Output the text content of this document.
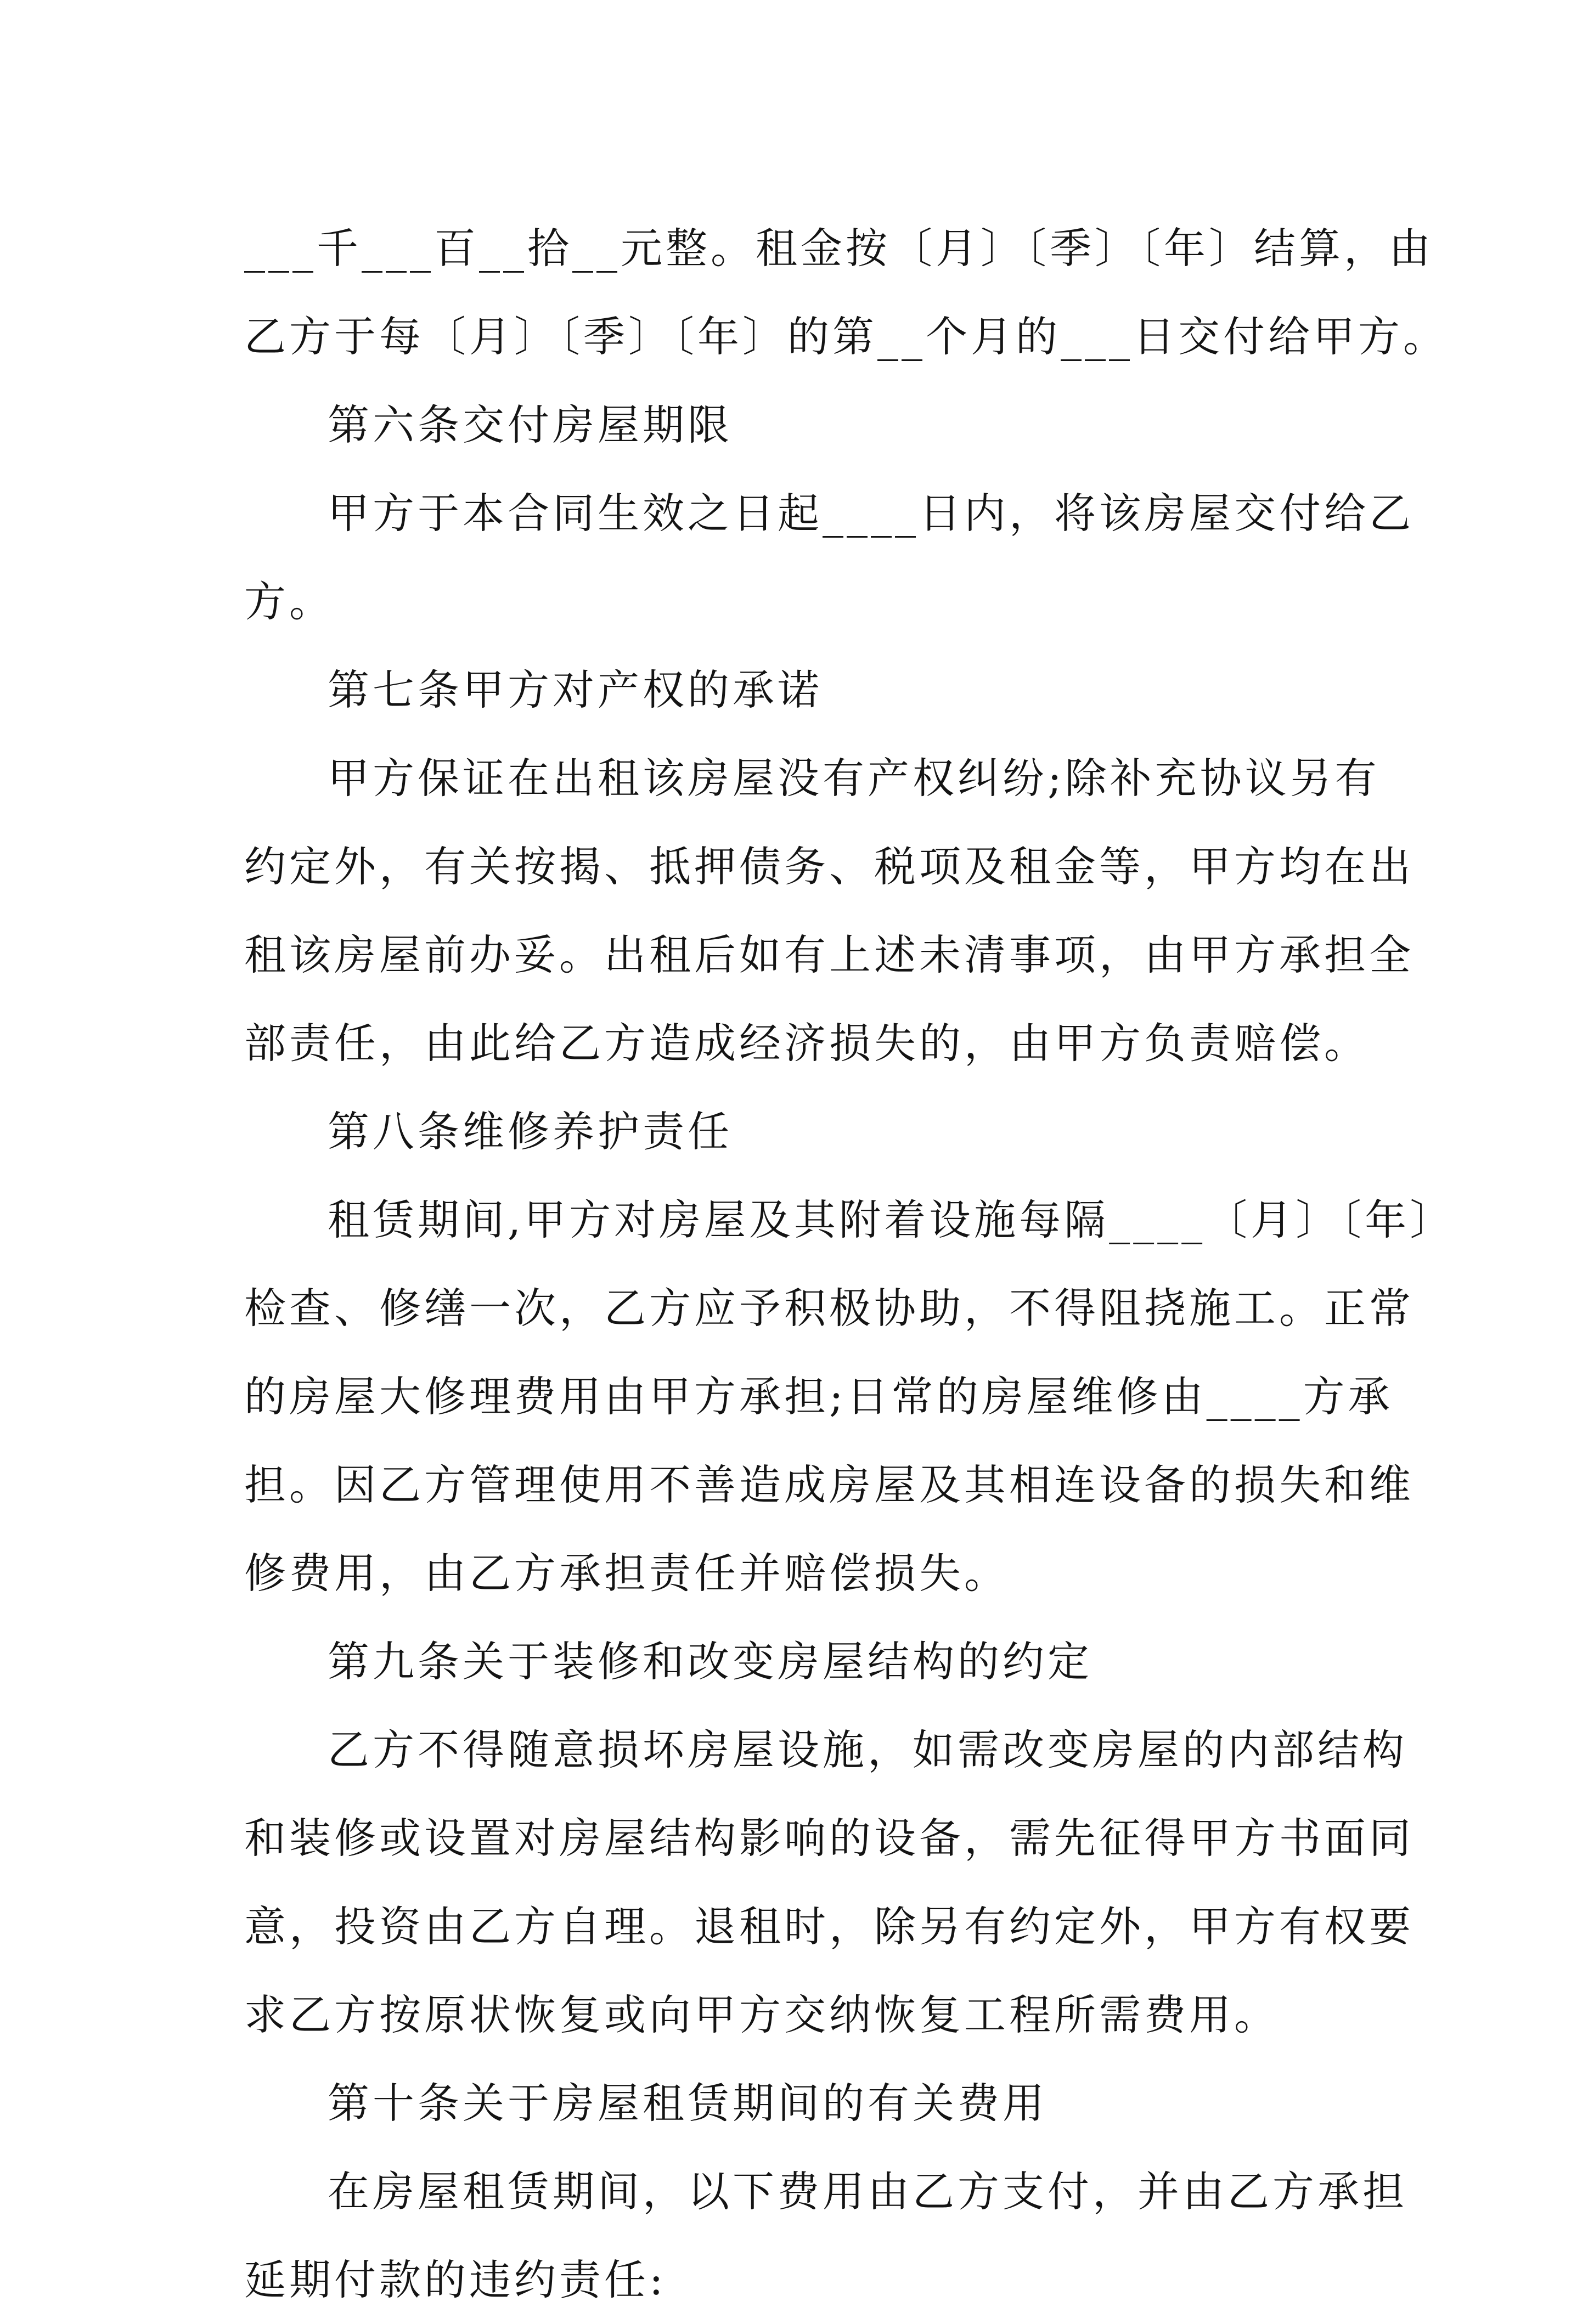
___千___百__拾__元整。租金按〔月〕〔季〕〔年〕结算，由
乙方于每〔月〕〔季〕〔年〕的第__个月的___日交付给甲方。
第六条交付房屋期限
甲方于本合同生效之日起____日内，将该房屋交付给乙
方。
第七条甲方对产权的承诺
甲方保证在出租该房屋没有产权纠纷;除补充协议另有
约定外，有关按揭、抵押债务、税项及租金等，甲方均在出
租该房屋前办妥。出租后如有上述未清事项，由甲方承担全
部责任，由此给乙方造成经济损失的，由甲方负责赔偿。
第八条维修养护责任
租赁期间,甲方对房屋及其附着设施每隔____〔月〕〔年〕
检查、修缮一次，乙方应予积极协助，不得阻挠施工。正常
的房屋大修理费用由甲方承担;日常的房屋维修由____方承
担。因乙方管理使用不善造成房屋及其相连设备的损失和维
修费用，由乙方承担责任并赔偿损失。
第九条关于装修和改变房屋结构的约定
乙方不得随意损坏房屋设施，如需改变房屋的内部结构
和装修或设置对房屋结构影响的设备，需先征得甲方书面同
意，投资由乙方自理。退租时，除另有约定外，甲方有权要
求乙方按原状恢复或向甲方交纳恢复工程所需费用。
第十条关于房屋租赁期间的有关费用
在房屋租赁期间，以下费用由乙方支付，并由乙方承担
延期付款的违约责任:
